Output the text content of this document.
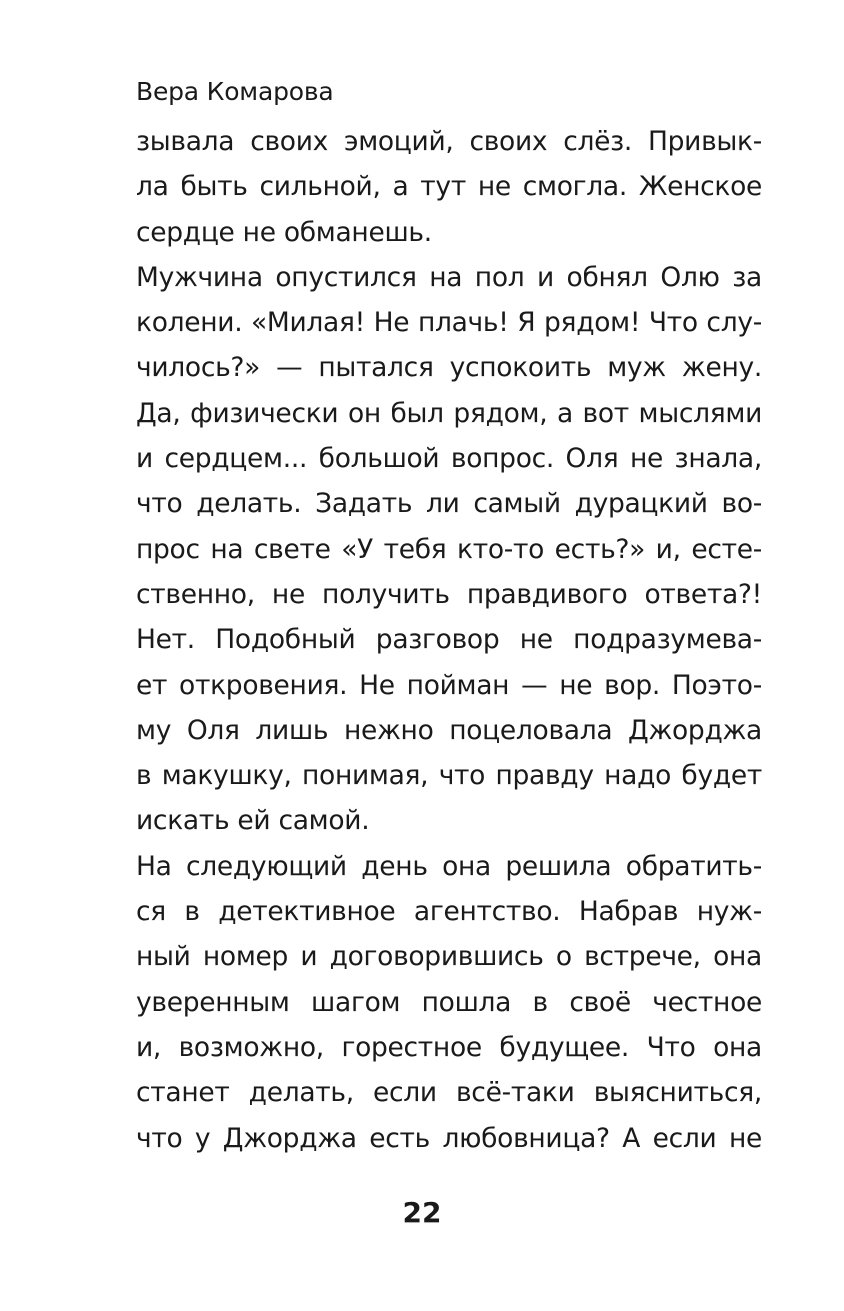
Вера Комарова
зывала своих эмоций, своих слёз. Привык-
ла быть сильной, а тут не смогла. Женское
сердце не обманешь.
Мужчина опустился на пол и обнял Олю за
колени. «Милая! Не плачь! Я рядом! Что слу-
чилось?» — пытался успокоить муж жену.
Да, физически он был рядом, а вот мыслями
и сердцем... большой вопрос. Оля не знала,
что делать. Задать ли самый дурацкий во-
прос на свете «У тебя кто-то есть?» и, есте-
ственно, не получить правдивого ответа?!
Нет. Подобный разговор не подразумева-
ет откровения. Не пойман — не вор. Поэто-
му Оля лишь нежно поцеловала Джорджа
в макушку, понимая, что правду надо будет
искать ей самой.
На следующий день она решила обратить-
ся в детективное агентство. Набрав нуж-
ный номер и договорившись о встрече, она
уверенным шагом пошла в своё честное
и, возможно, горестное будущее. Что она
станет делать, если всё-таки выясниться,
что у Джорджа есть любовница? А если не
22
